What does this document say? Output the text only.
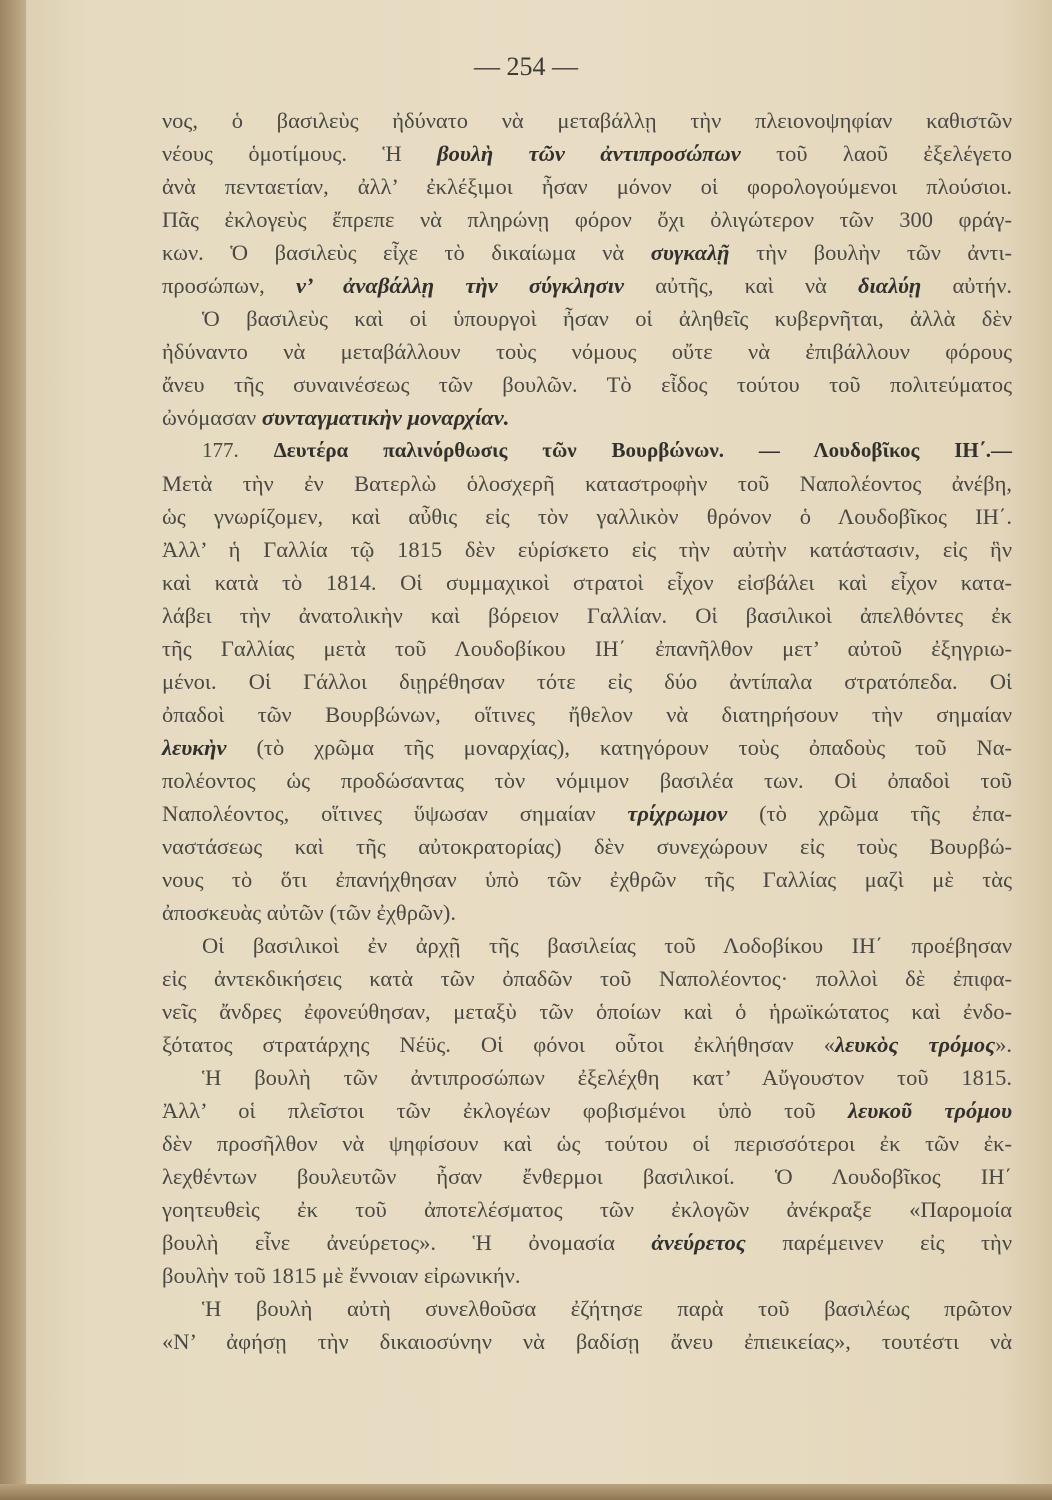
— 254 —
νος, ὁ βασιλεὺς ἠδύνατο νὰ μεταβάλλῃ τὴν πλειονοψηφίαν καθιστῶν
νέους ὁμοτίμους. Ἡ βουλὴ τῶν ἀντιπροσώπων τοῦ λαοῦ ἐξελέγετο
ἀνὰ πενταετίαν, ἀλλ’ ἐκλέξιμοι ἦσαν μόνον οἱ φορολογούμενοι πλούσιοι.
Πᾶς ἐκλογεὺς ἔπρεπε νὰ πληρώνῃ φόρον ὄχι ὀλιγώτερον τῶν 300 φράγ-
κων. Ὁ βασιλεὺς εἶχε τὸ δικαίωμα νὰ συγκαλῇ τὴν βουλὴν τῶν ἀντι-
προσώπων, ν’ ἀναβάλλῃ τὴν σύγκλησιν αὐτῆς, καὶ νὰ διαλύῃ αὐτήν.
Ὁ βασιλεὺς καὶ οἱ ὑπουργοὶ ἦσαν οἱ ἀληθεῖς κυβερνῆται, ἀλλὰ δὲν
ἠδύναντο νὰ μεταβάλλουν τοὺς νόμους οὔτε νὰ ἐπιβάλλουν φόρους
ἄνευ τῆς συναινέσεως τῶν βουλῶν. Τὸ εἶδος τούτου τοῦ πολιτεύματος
ὠνόμασαν συνταγματικὴν μοναρχίαν.
177. Δευτέρα παλινόρθωσις τῶν Βουρβώνων. — Λουδοβῖκος ΙΗ΄.—
Μετὰ τὴν ἐν Βατερλὼ ὁλοσχερῆ καταστροφὴν τοῦ Ναπολέοντος ἀνέβη,
ὡς γνωρίζομεν, καὶ αὖθις εἰς τὸν γαλλικὸν θρόνον ὁ Λουδοβῖκος ΙΗ΄.
Ἀλλ’ ἡ Γαλλία τῷ 1815 δὲν εὑρίσκετο εἰς τὴν αὐτὴν κατάστασιν, εἰς ἣν
καὶ κατὰ τὸ 1814. Οἱ συμμαχικοὶ στρατοὶ εἶχον εἰσβάλει καὶ εἶχον κατα-
λάβει τὴν ἀνατολικὴν καὶ βόρειον Γαλλίαν. Οἱ βασιλικοὶ ἀπελθόντες ἐκ
τῆς Γαλλίας μετὰ τοῦ Λουδοβίκου ΙΗ΄ ἐπανῆλθον μετ’ αὐτοῦ ἐξηγριω-
μένοι. Οἱ Γάλλοι διῃρέθησαν τότε εἰς δύο ἀντίπαλα στρατόπεδα. Οἱ
ὀπαδοὶ τῶν Βουρβώνων, οἵτινες ἤθελον νὰ διατηρήσουν τὴν σημαίαν
λευκὴν (τὸ χρῶμα τῆς μοναρχίας), κατηγόρουν τοὺς ὀπαδοὺς τοῦ Να-
πολέοντος ὡς προδώσαντας τὸν νόμιμον βασιλέα των. Οἱ ὀπαδοὶ τοῦ
Ναπολέοντος, οἵτινες ὕψωσαν σημαίαν τρίχρωμον (τὸ χρῶμα τῆς ἐπα-
ναστάσεως καὶ τῆς αὐτοκρατορίας) δὲν συνεχώρουν εἰς τοὺς Βουρβώ-
νους τὸ ὅτι ἐπανήχθησαν ὑπὸ τῶν ἐχθρῶν τῆς Γαλλίας μαζὶ μὲ τὰς
ἀποσκευὰς αὐτῶν (τῶν ἐχθρῶν).
Οἱ βασιλικοὶ ἐν ἀρχῇ τῆς βασιλείας τοῦ Λοδοβίκου ΙΗ΄ προέβησαν
εἰς ἀντεκδικήσεις κατὰ τῶν ὀπαδῶν τοῦ Ναπολέοντος· πολλοὶ δὲ ἐπιφα-
νεῖς ἄνδρες ἐφονεύθησαν, μεταξὺ τῶν ὁποίων καὶ ὁ ἡρωϊκώτατος καὶ ἐνδο-
ξότατος στρατάρχης Νέϋς. Οἱ φόνοι οὗτοι ἐκλήθησαν «λευκὸς τρόμος».
Ἡ βουλὴ τῶν ἀντιπροσώπων ἐξελέχθη κατ’ Αὔγουστον τοῦ 1815.
Ἀλλ’ οἱ πλεῖστοι τῶν ἐκλογέων φοβισμένοι ὑπὸ τοῦ λευκοῦ τρόμου
δὲν προσῆλθον νὰ ψηφίσουν καὶ ὡς τούτου οἱ περισσότεροι ἐκ τῶν ἐκ-
λεχθέντων βουλευτῶν ἦσαν ἔνθερμοι βασιλικοί. Ὁ Λουδοβῖκος ΙΗ΄
γοητευθεὶς ἐκ τοῦ ἀποτελέσματος τῶν ἐκλογῶν ἀνέκραξε «Παρομοία
βουλὴ εἶνε ἀνεύρετος». Ἡ ὀνομασία ἀνεύρετος παρέμεινεν εἰς τὴν
βουλὴν τοῦ 1815 μὲ ἔννοιαν εἰρωνικήν.
Ἡ βουλὴ αὐτὴ συνελθοῦσα ἐζήτησε παρὰ τοῦ βασιλέως πρῶτον
«Ν’ ἀφήσῃ τὴν δικαιοσύνην νὰ βαδίσῃ ἄνευ ἐπιεικείας», τουτέστι νὰ
